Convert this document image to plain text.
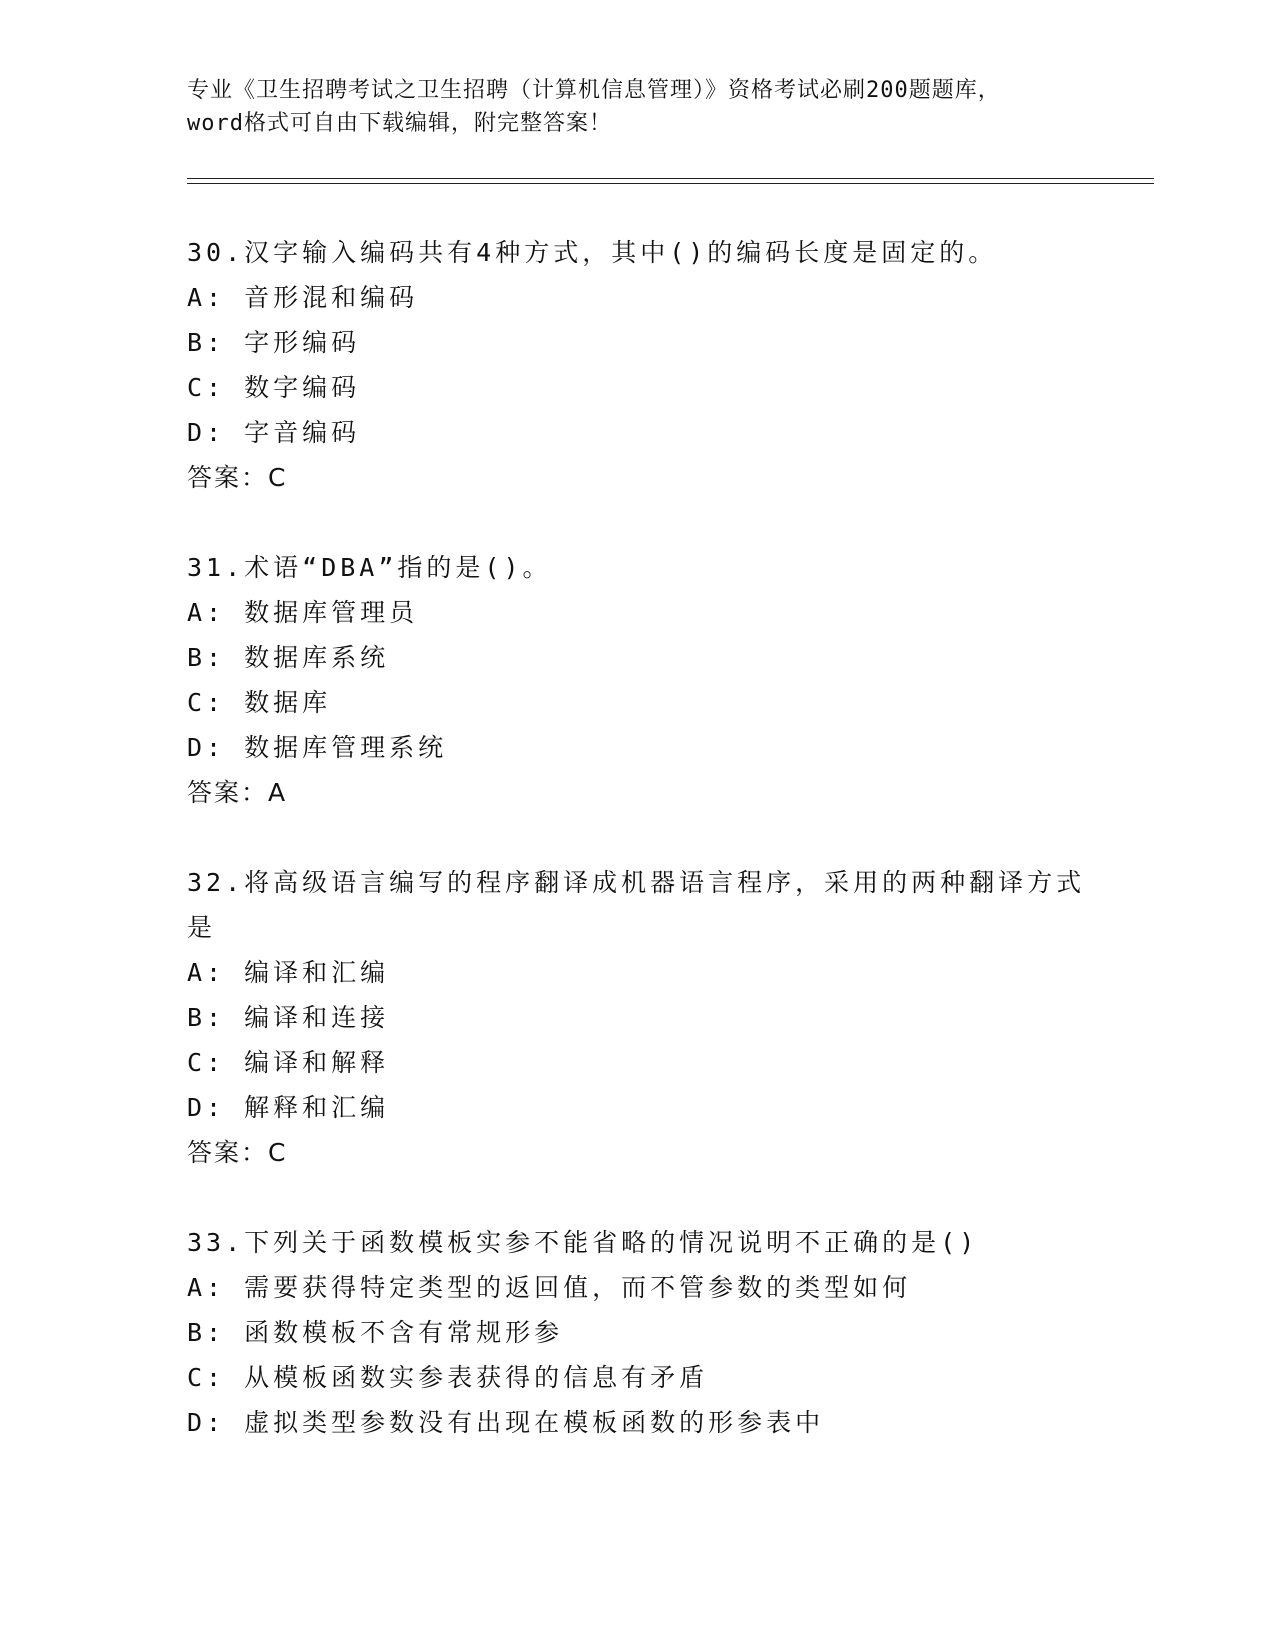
专业《卫生招聘考试之卫生招聘（计算机信息管理）》资格考试必刷200题题库，
word格式可自由下载编辑，附完整答案！
30.汉字输入编码共有4种方式，其中()的编码长度是固定的。
A: 音形混和编码
B: 字形编码
C: 数字编码
D: 字音编码
答案：C
31.术语“DBA”指的是()。
A: 数据库管理员
B: 数据库系统
C: 数据库
D: 数据库管理系统
答案：A
32.将高级语言编写的程序翻译成机器语言程序，采用的两种翻译方式
是
A: 编译和汇编
B: 编译和连接
C: 编译和解释
D: 解释和汇编
答案：C
33.下列关于函数模板实参不能省略的情况说明不正确的是()
A: 需要获得特定类型的返回值，而不管参数的类型如何
B: 函数模板不含有常规形参
C: 从模板函数实参表获得的信息有矛盾
D: 虚拟类型参数没有出现在模板函数的形参表中
